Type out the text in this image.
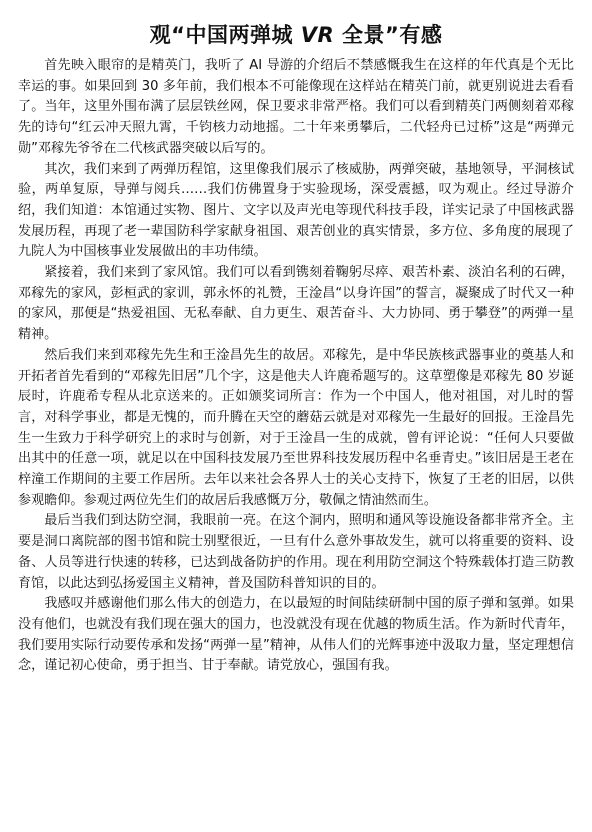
观“中国两弹城 VR 全景”有感

首先映入眼帘的是精英门，我听了 AI 导游的介绍后不禁感慨我生在这样的年代真是个无比幸运的事。如果回到 30 多年前，我们根本不可能像现在这样站在精英门前，就更别说进去看看了。当年，这里外围布满了层层铁丝网，保卫要求非常严格。我们可以看到精英门两侧刻着邓稼先的诗句“红云冲天照九霄，千钧核力动地摇。二十年来勇攀后，二代轻舟已过桥”这是“两弹元勋”邓稼先爷爷在二代核武器突破以后写的。

其次，我们来到了两弹历程馆，这里像我们展示了核威胁，两弹突破，基地领导，平洞核试验，两单复原，导弹与阅兵……我们仿佛置身于实验现场，深受震撼，叹为观止。经过导游介绍，我们知道：本馆通过实物、图片、文字以及声光电等现代科技手段，详实记录了中国核武器发展历程，再现了老一辈国防科学家献身祖国、艰苦创业的真实情景，多方位、多角度的展现了九院人为中国核事业发展做出的丰功伟绩。

紧接着，我们来到了家风馆。我们可以看到镌刻着鞠躬尽瘁、艰苦朴素、淡泊名利的石碑，邓稼先的家风，彭桓武的家训，郭永怀的礼赞，王淦昌“以身许国”的誓言，凝聚成了时代又一种的家风，那便是“热爱祖国、无私奉献、自力更生、艰苦奋斗、大力协同、勇于攀登”的两弹一星精神。

然后我们来到邓稼先先生和王淦昌先生的故居。邓稼先，是中华民族核武器事业的奠基人和开拓者首先看到的“邓稼先旧居”几个字，这是他夫人许鹿希题写的。这草塑像是邓稼先 80 岁诞辰时，许鹿希专程从北京送来的。正如颁奖词所言：作为一个中国人，他对祖国，对儿时的誓言，对科学事业，都是无愧的，而升腾在天空的蘑菇云就是对邓稼先一生最好的回报。王淦昌先生一生致力于科学研究上的求时与创新，对于王淦昌一生的成就，曾有评论说：“任何人只要做出其中的任意一项，就足以在中国科技发展乃至世界科技发展历程中名垂青史。”该旧居是王老在梓潼工作期间的主要工作居所。去年以来社会各界人士的关心支持下，恢复了王老的旧居，以供参观瞻仰。参观过两位先生们的故居后我感慨万分，敬佩之情油然而生。

最后当我们到达防空洞，我眼前一亮。在这个洞内，照明和通风等设施设备都非常齐全。主要是洞口离院部的图书馆和院士别墅很近，一旦有什么意外事故发生，就可以将重要的资料、设备、人员等进行快速的转移，已达到战备防护的作用。现在利用防空洞这个特殊载体打造三防教育馆，以此达到弘扬爱国主义精神，普及国防科普知识的目的。

我感叹并感谢他们那么伟大的创造力，在以最短的时间陆续研制中国的原子弹和氢弹。如果没有他们，也就没有我们现在强大的国力，也没就没有现在优越的物质生活。作为新时代青年，我们要用实际行动要传承和发扬“两弹一星”精神，从伟人们的光辉事迹中汲取力量，坚定理想信念，谨记初心使命，勇于担当、甘于奉献。请党放心，强国有我。
